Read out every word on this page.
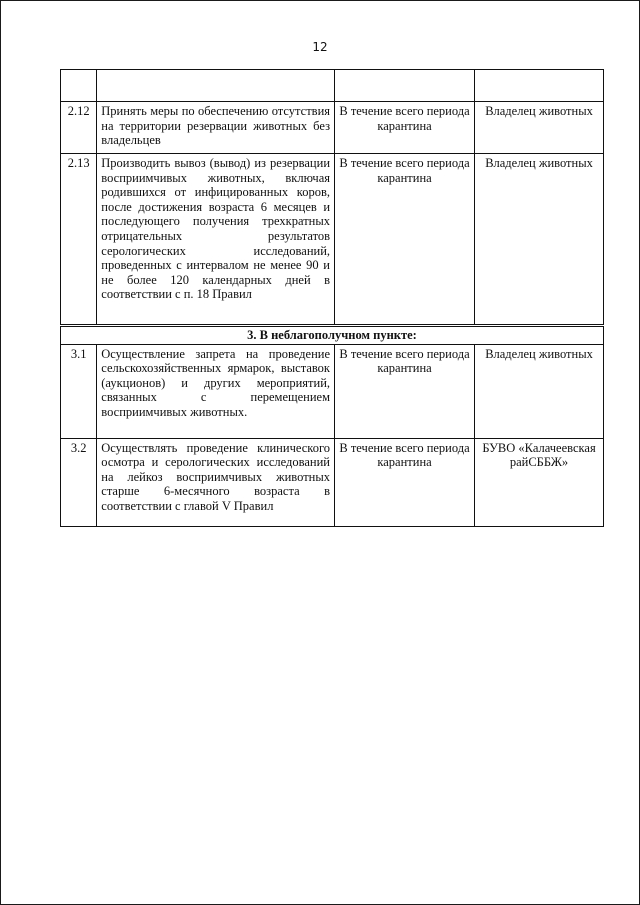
12

2.12	Принять меры по обеспечению отсутствия на территории резервации животных без владельцев	В течение всего периода карантина	Владелец животных
2.13	Производить вывоз (вывод) из резервации восприимчивых животных, включая родившихся от инфицированных коров, после достижения возраста 6 месяцев и последующего получения трехкратных отрицательных результатов серологических исследований, проведенных с интервалом не менее 90 и не более 120 календарных дней в соответствии с п. 18 Правил	В течение всего периода карантина	Владелец животных
3. В неблагополучном пункте:			
3.1	Осуществление запрета на проведение сельскохозяйственных ярмарок, выставок (аукционов) и других мероприятий, связанных с перемещением восприимчивых животных.	В течение всего периода карантина	Владелец животных
3.2	Осуществлять проведение клинического осмотра и серологических исследований на лейкоз восприимчивых животных старше 6-месячного возраста в соответствии с главой V Правил	В течение всего периода карантина	БУВО «Калачеевская райСББЖ»
